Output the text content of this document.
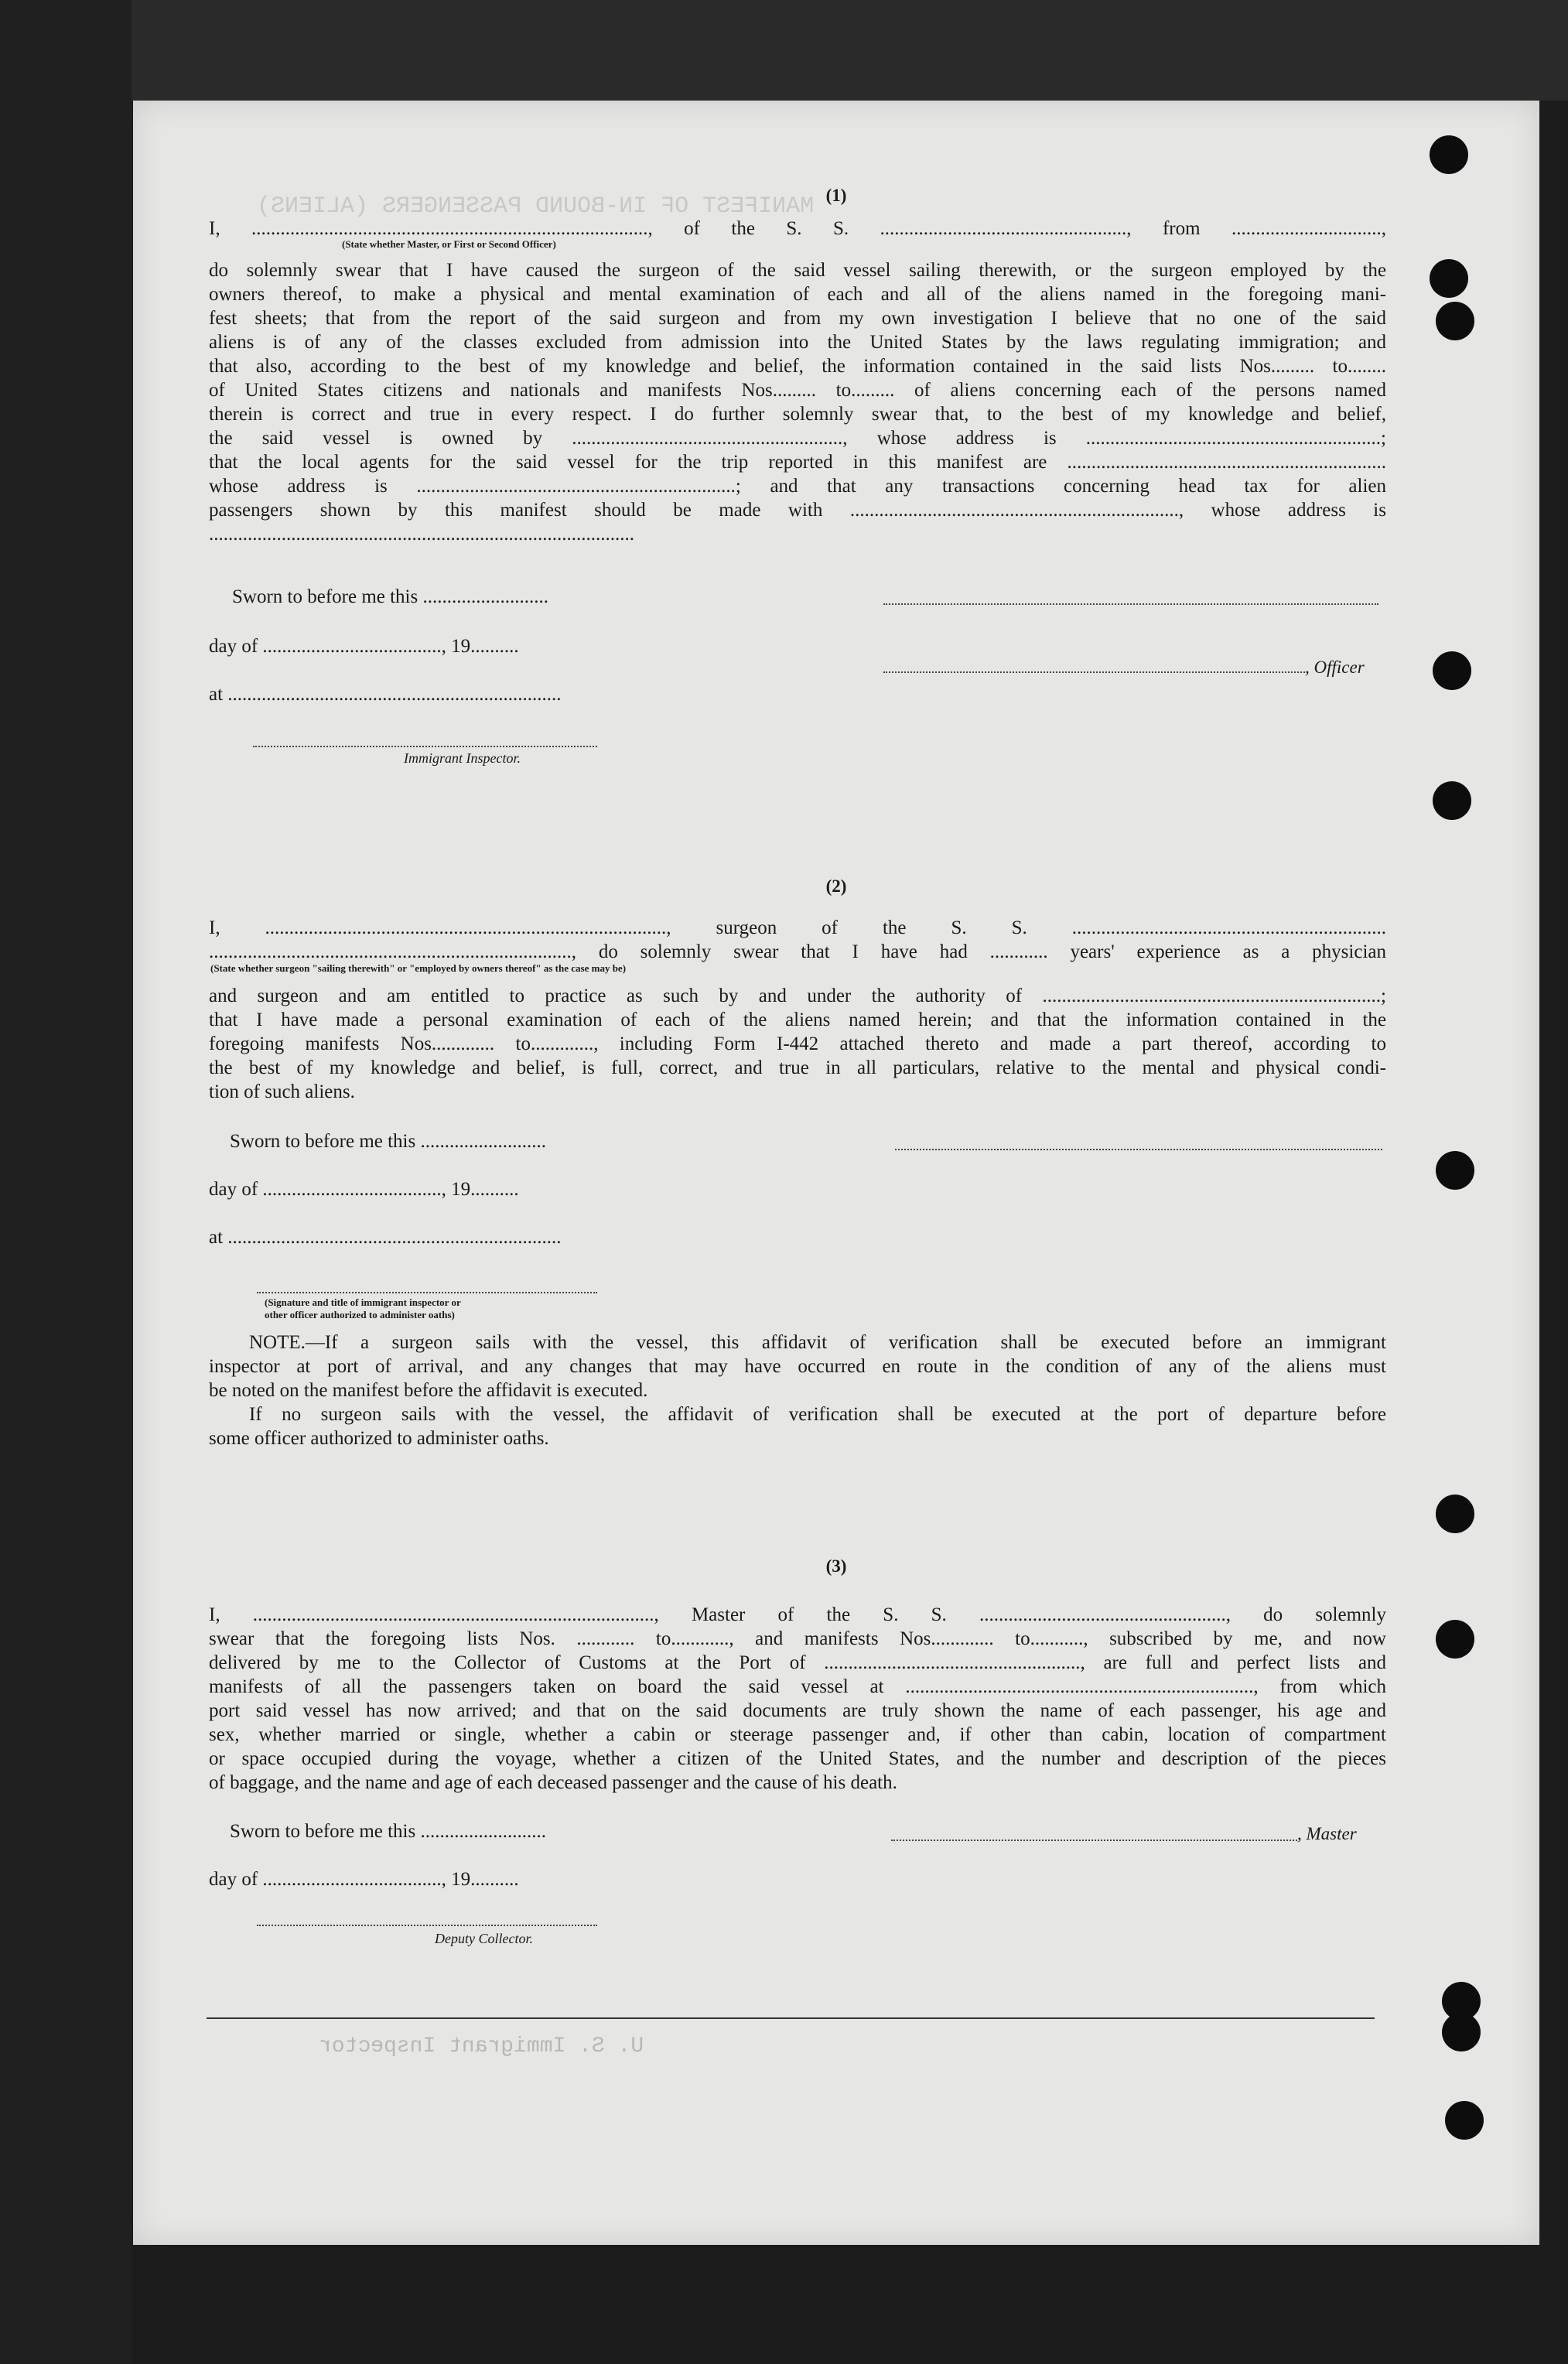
MANIFEST OF IN-BOUND PASSENGERS (ALIENS)
U. S. Immigrant Inspector
(1)
I, .................................................................................., of the S. S. ..................................................., from ...............................,
(State whether Master, or First or Second Officer)
do solemnly swear that I have caused the surgeon of the said vessel sailing therewith, or the surgeon employed by the
owners thereof, to make a physical and mental examination of each and all of the aliens named in the foregoing mani-
fest sheets; that from the report of the said surgeon and from my own investigation I believe that no one of the said
aliens is of any of the classes excluded from admission into the United States by the laws regulating immigration; and
that also, according to the best of my knowledge and belief, the information contained in the said lists Nos......... to........
of United States citizens and nationals and manifests Nos......... to......... of aliens concerning each of the persons named
therein is correct and true in every respect. I do further solemnly swear that, to the best of my knowledge and belief,
the said vessel is owned by ........................................................, whose address is .............................................................;
that the local agents for the said vessel for the trip reported in this manifest are ..................................................................
whose address is ..................................................................; and that any transactions concerning head tax for alien
passengers shown by this manifest should be made with ...................................................................., whose address is
........................................................................................
Sworn to before me this ..........................
day of ....................................., 19..........
, Officer
at .....................................................................
Immigrant Inspector.
(2)
I, ..................................................................................., surgeon of the S. S. .................................................................
..........................................................................., do solemnly swear that I have had ............ years' experience as a physician
(State whether surgeon "sailing therewith" or "employed by owners thereof" as the case may be)
and surgeon and am entitled to practice as such by and under the authority of ......................................................................;
that I have made a personal examination of each of the aliens named herein; and that the information contained in the
foregoing manifests Nos............. to............., including Form I-442 attached thereto and made a part thereof, according to
the best of my knowledge and belief, is full, correct, and true in all particulars, relative to the mental and physical condi-
tion of such aliens.
Sworn to before me this ..........................
day of ....................................., 19..........
at .....................................................................
(Signature and title of immigrant inspector or
other officer authorized to administer oaths)
NOTE.—If a surgeon sails with the vessel, this affidavit of verification shall be executed before an immigrant
inspector at port of arrival, and any changes that may have occurred en route in the condition of any of the aliens must
be noted on the manifest before the affidavit is executed.
If no surgeon sails with the vessel, the affidavit of verification shall be executed at the port of departure before
some officer authorized to administer oaths.
(3)
I, ..................................................................................., Master of the S. S. ..................................................., do solemnly
swear that the foregoing lists Nos. ............ to............, and manifests Nos............. to..........., subscribed by me, and now
delivered by me to the Collector of Customs at the Port of ....................................................., are full and perfect lists and
manifests of all the passengers taken on board the said vessel at ........................................................................, from which
port said vessel has now arrived; and that on the said documents are truly shown the name of each passenger, his age and
sex, whether married or single, whether a cabin or steerage passenger and, if other than cabin, location of compartment
or space occupied during the voyage, whether a citizen of the United States, and the number and description of the pieces
of baggage, and the name and age of each deceased passenger and the cause of his death.
Sworn to before me this ..........................	, Master
day of ....................................., 19..........
Deputy Collector.
